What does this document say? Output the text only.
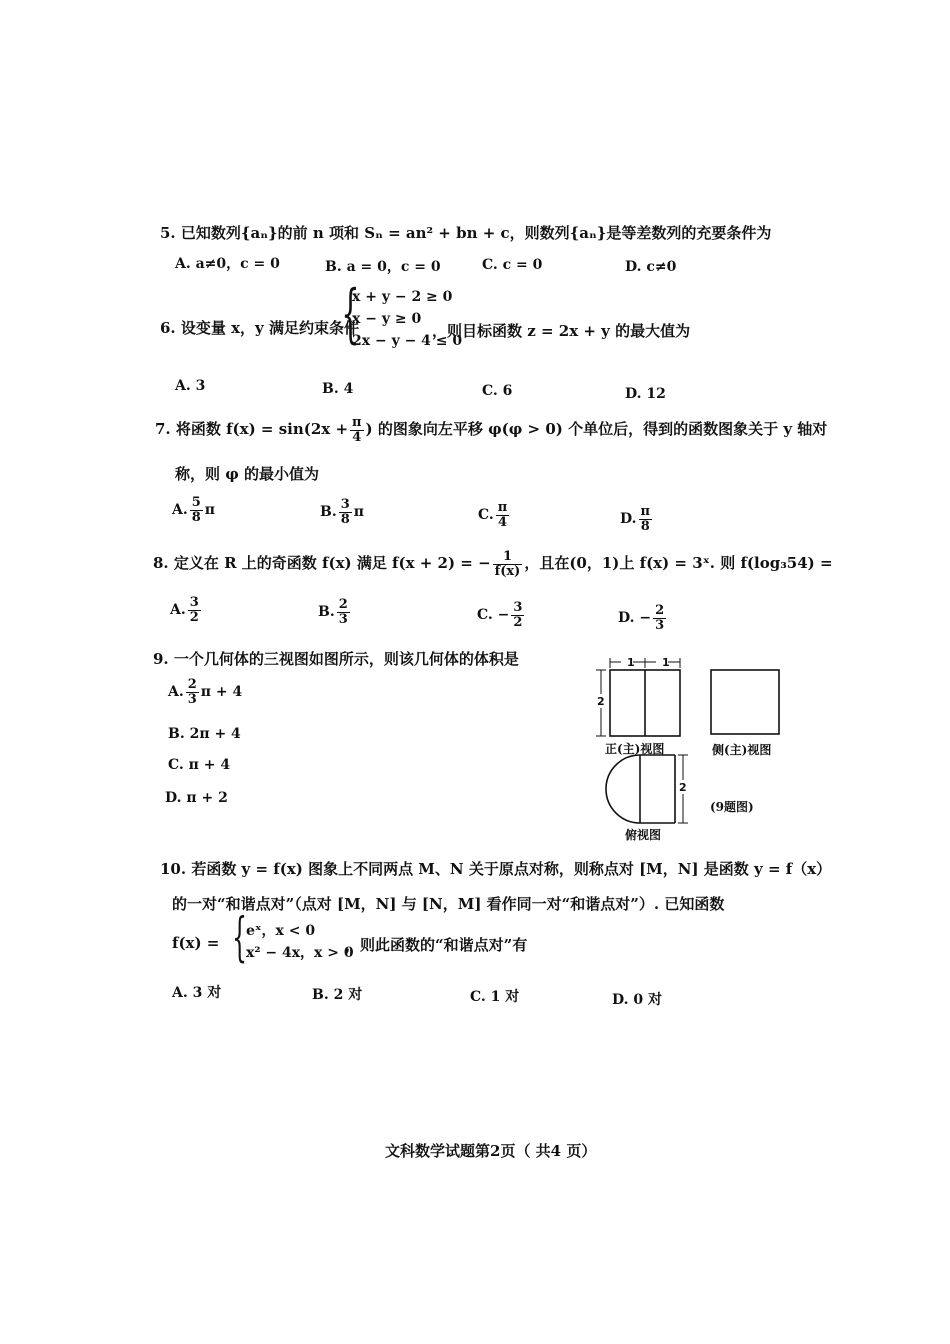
5. 已知数列{aₙ}的前 n 项和 Sₙ = an² + bn + c，则数列{aₙ}是等差数列的充要条件为
A. a≠0，c = 0	B. a = 0，c = 0	C. c = 0	D. c≠0
6. 设变量 x，y 满足约束条件
{
x + y − 2 ≥ 0
x − y ≥ 0
2x − y − 4 ≤ 0
，则目标函数 z = 2x + y 的最大值为
A. 3	B. 4	C. 6	D. 12
7. 将函数 $f(x) = \sin(2x + \frac{\pi}{4}$ ) 的图象向左平移 φ(φ > 0) 个单位后，得到的函数图象关于 y 轴对
称，则 φ 的最小值为
A. $\frac{5}{8}$ π	B. $\frac{3}{8}$ π	C. $\frac{\pi}{4}$	D. $\frac{\pi}{8}$
8. 定义在 R 上的奇函数 f(x) 满足 f(x + 2) = − $\frac{1}{f(x)}$ ，且在(0，1)上 f(x) = 3ˣ. 则 f(log₃54) =
A. $\frac{3}{2}$	B. $\frac{2}{3}$	C. − $\frac{3}{2}$	D. − $\frac{2}{3}$
9. 一个几何体的三视图如图所示，则该几何体的体积是
A. $\frac{2}{3}$ π + 4
B. 2π + 4
C. π + 4
D. π + 2
1 1
2
2
正(主)视图	侧(主)视图
俯视图
(9题图)
10. 若函数 y = f(x) 图象上不同两点 M、N 关于原点对称，则称点对 [M，N] 是函数 y = f（x）
的一对“和谐点对”（点对 [M，N] 与 [N，M] 看作同一对“和谐点对”）. 已知函数
f(x) = { eˣ，x < 0
x² − 4x，x > 0
，则此函数的“和谐点对”有
A. 3 对	B. 2 对	C. 1 对	D. 0 对
文科数学试题第2页（ 共4 页）
